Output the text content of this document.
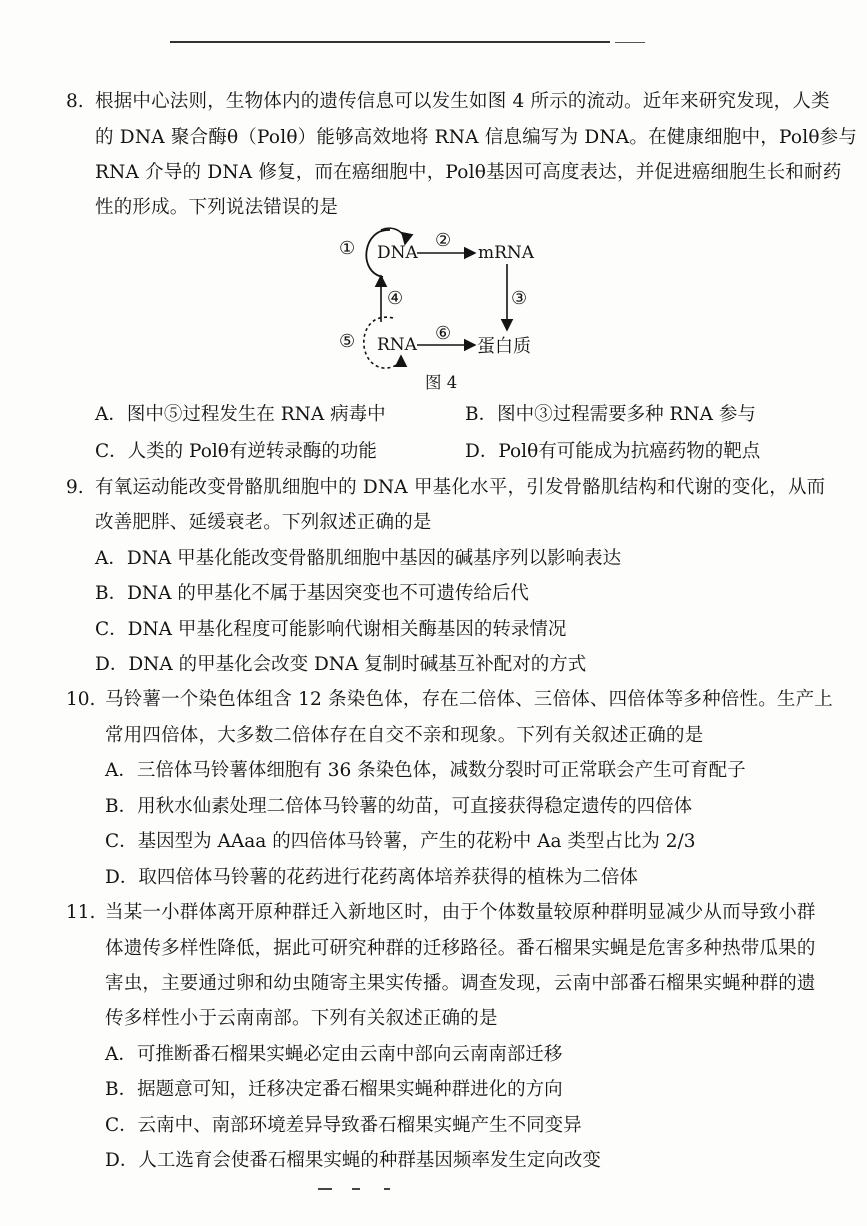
8. 根据中心法则，生物体内的遗传信息可以发生如图 4 所示的流动。近年来研究发现，人类
的 DNA 聚合酶θ（Polθ）能够高效地将 RNA 信息编写为 DNA。在健康细胞中，Polθ参与
RNA 介导的 DNA 修复，而在癌细胞中，Polθ基因可高度表达，并促进癌细胞生长和耐药
性的形成。下列说法错误的是
DNA	mRNA
RNA	蛋白质
①	②
③
④
⑤	⑥
图 4
A．图中⑤过程发生在 RNA 病毒中	B．图中③过程需要多种 RNA 参与
C．人类的 Polθ有逆转录酶的功能	D．Polθ有可能成为抗癌药物的靶点
9. 有氧运动能改变骨骼肌细胞中的 DNA 甲基化水平，引发骨骼肌结构和代谢的变化，从而
改善肥胖、延缓衰老。下列叙述正确的是
A．DNA 甲基化能改变骨骼肌细胞中基因的碱基序列以影响表达
B．DNA 的甲基化不属于基因突变也不可遗传给后代
C．DNA 甲基化程度可能影响代谢相关酶基因的转录情况
D．DNA 的甲基化会改变 DNA 复制时碱基互补配对的方式
10. 马铃薯一个染色体组含 12 条染色体，存在二倍体、三倍体、四倍体等多种倍性。生产上
常用四倍体，大多数二倍体存在自交不亲和现象。下列有关叙述正确的是
A．三倍体马铃薯体细胞有 36 条染色体，减数分裂时可正常联会产生可育配子
B．用秋水仙素处理二倍体马铃薯的幼苗，可直接获得稳定遗传的四倍体
C．基因型为 AAaa 的四倍体马铃薯，产生的花粉中 Aa 类型占比为 2/3
D．取四倍体马铃薯的花药进行花药离体培养获得的植株为二倍体
11. 当某一小群体离开原种群迁入新地区时，由于个体数量较原种群明显减少从而导致小群
体遗传多样性降低，据此可研究种群的迁移路径。番石榴果实蝇是危害多种热带瓜果的
害虫，主要通过卵和幼虫随寄主果实传播。调查发现，云南中部番石榴果实蝇种群的遗
传多样性小于云南南部。下列有关叙述正确的是
A．可推断番石榴果实蝇必定由云南中部向云南南部迁移
B．据题意可知，迁移决定番石榴果实蝇种群进化的方向
C．云南中、南部环境差异导致番石榴果实蝇产生不同变异
D．人工选育会使番石榴果实蝇的种群基因频率发生定向改变
